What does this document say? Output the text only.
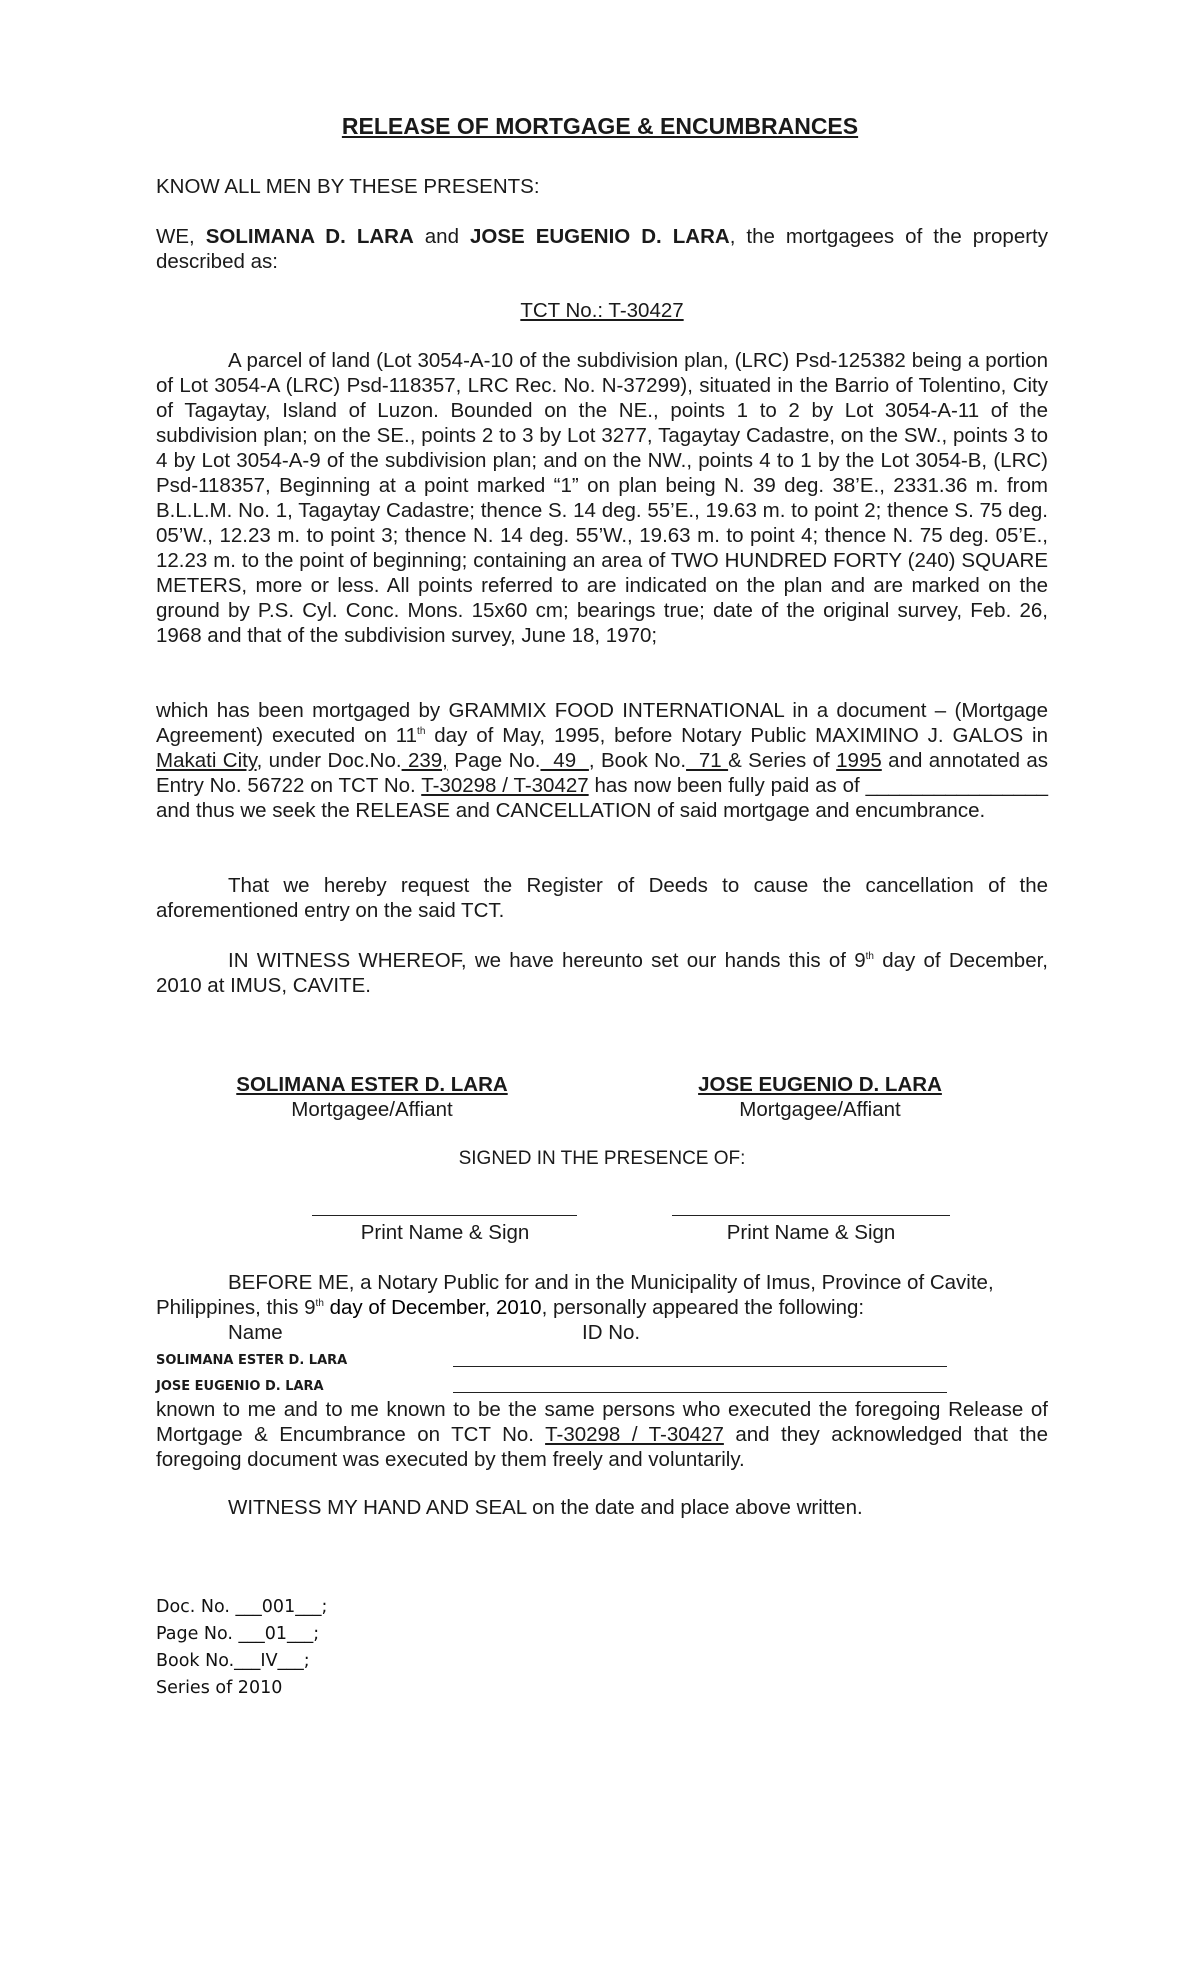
RELEASE OF MORTGAGE & ENCUMBRANCES
KNOW ALL MEN BY THESE PRESENTS:
WE, SOLIMANA D. LARA and JOSE EUGENIO D. LARA, the mortgagees of the property described as:
TCT No.: T-30427
A parcel of land (Lot 3054-A-10 of the subdivision plan, (LRC) Psd-125382 being a portion of Lot 3054-A (LRC) Psd-118357, LRC Rec. No. N-37299), situated in the Barrio of Tolentino, City of Tagaytay, Island of Luzon. Bounded on the NE., points 1 to 2 by Lot 3054-A-11 of the subdivision plan; on the SE., points 2 to 3 by Lot 3277, Tagaytay Cadastre, on the SW., points 3 to 4 by Lot 3054-A-9 of the subdivision plan; and on the NW., points 4 to 1 by the Lot 3054-B, (LRC) Psd-118357, Beginning at a point marked “1” on plan being N. 39 deg. 38’E., 2331.36 m. from B.L.L.M. No. 1, Tagaytay Cadastre; thence S. 14 deg. 55’E., 19.63 m. to point 2; thence S. 75 deg. 05’W., 12.23 m. to point 3; thence N. 14 deg. 55’W., 19.63 m. to point 4; thence N. 75 deg. 05’E., 12.23 m. to the point of beginning; containing an area of TWO HUNDRED FORTY (240) SQUARE METERS, more or less. All points referred to are indicated on the plan and are marked on the ground by P.S. Cyl. Conc. Mons. 15x60 cm; bearings true; date of the original survey, Feb. 26, 1968 and that of the subdivision survey, June 18, 1970;
which has been mortgaged by GRAMMIX FOOD INTERNATIONAL in a document – (Mortgage Agreement) executed on 11th day of May, 1995, before Notary Public MAXIMINO J. GALOS in Makati City, under Doc.No. 239, Page No.  49  , Book No.  71 & Series of 1995 and annotated as Entry No. 56722 on TCT No. T-30298 / T-30427 has now been fully paid as of ________________ and thus we seek the RELEASE and CANCELLATION of said mortgage and encumbrance.
That we hereby request the Register of Deeds to cause the cancellation of the aforementioned entry on the said TCT.
IN WITNESS WHEREOF, we have hereunto set our hands this of 9th day of December, 2010 at IMUS, CAVITE.
SOLIMANA ESTER D. LARA
Mortgagee/Affiant
JOSE EUGENIO D. LARA
Mortgagee/Affiant
SIGNED IN THE PRESENCE OF:
Print Name & Sign	Print Name & Sign
BEFORE ME, a Notary Public for and in the Municipality of Imus, Province of Cavite, Philippines, this 9th day of December, 2010, personally appeared the following:
Name	ID No.
SOLIMANA ESTER D. LARA
JOSE EUGENIO D. LARA
known to me and to me known to be the same persons who executed the foregoing Release of Mortgage & Encumbrance on TCT No. T-30298 / T-30427 and they acknowledged that the foregoing document was executed by them freely and voluntarily.
WITNESS MY HAND AND SEAL on the date and place above written.
Doc. No. ___001___;
Page No. ___01___;
Book No.___IV___;
Series of 2010
